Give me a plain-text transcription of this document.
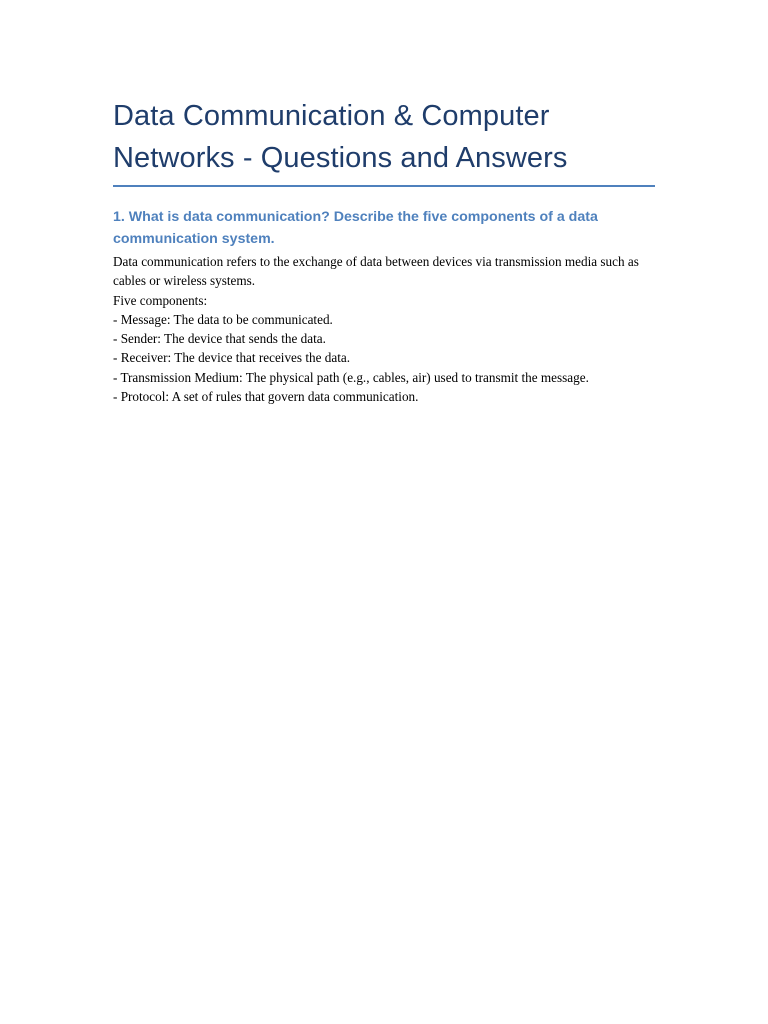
Data Communication & Computer Networks - Questions and Answers
1. What is data communication? Describe the five components of a data communication system.
Data communication refers to the exchange of data between devices via transmission media such as cables or wireless systems.
Five components:
- Message: The data to be communicated.
- Sender: The device that sends the data.
- Receiver: The device that receives the data.
- Transmission Medium: The physical path (e.g., cables, air) used to transmit the message.
- Protocol: A set of rules that govern data communication.
